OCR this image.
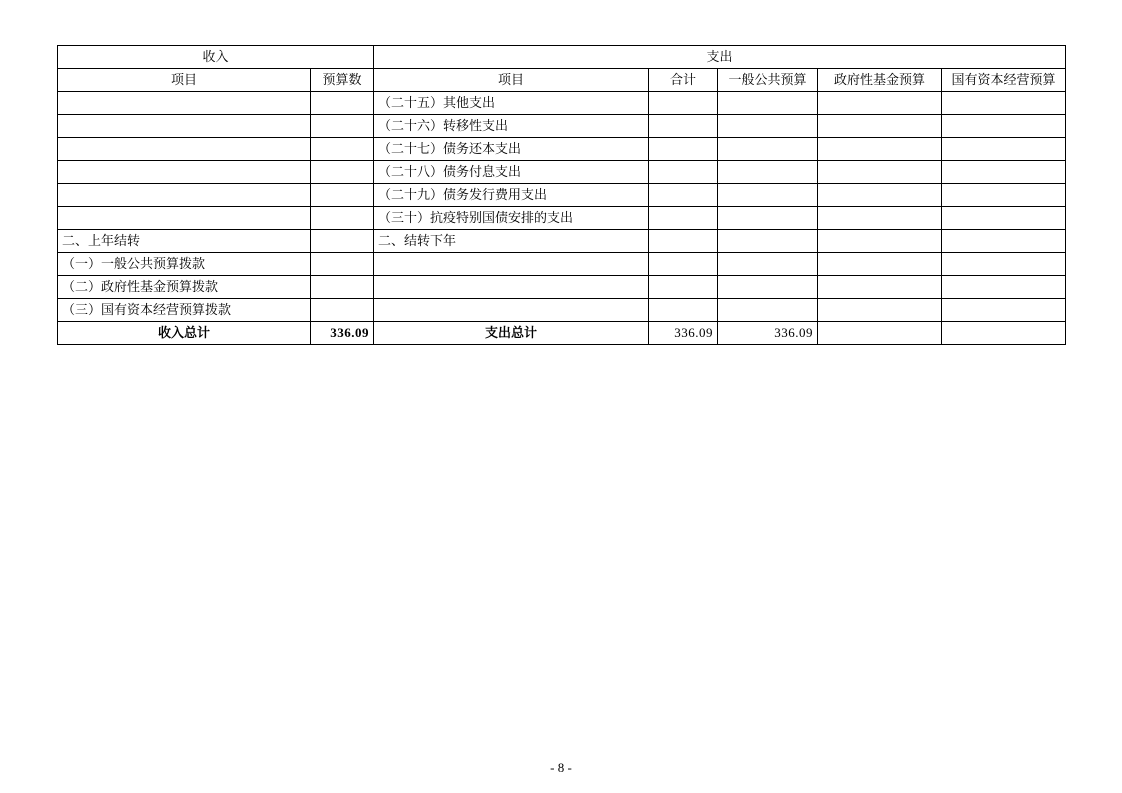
收入		支出				
项目	预算数	项目	合计	一般公共预算	政府性基金预算	国有资本经营预算
		（二十五）其他支出				
		（二十六）转移性支出				
		（二十七）债务还本支出				
		（二十八）债务付息支出				
		（二十九）债务发行费用支出				
		（三十）抗疫特别国债安排的支出				
二、上年结转		二、结转下年				
（一）一般公共预算拨款						
（二）政府性基金预算拨款						
（三）国有资本经营预算拨款						
收入总计	336.09	支出总计	336.09	336.09		
- 8 -
